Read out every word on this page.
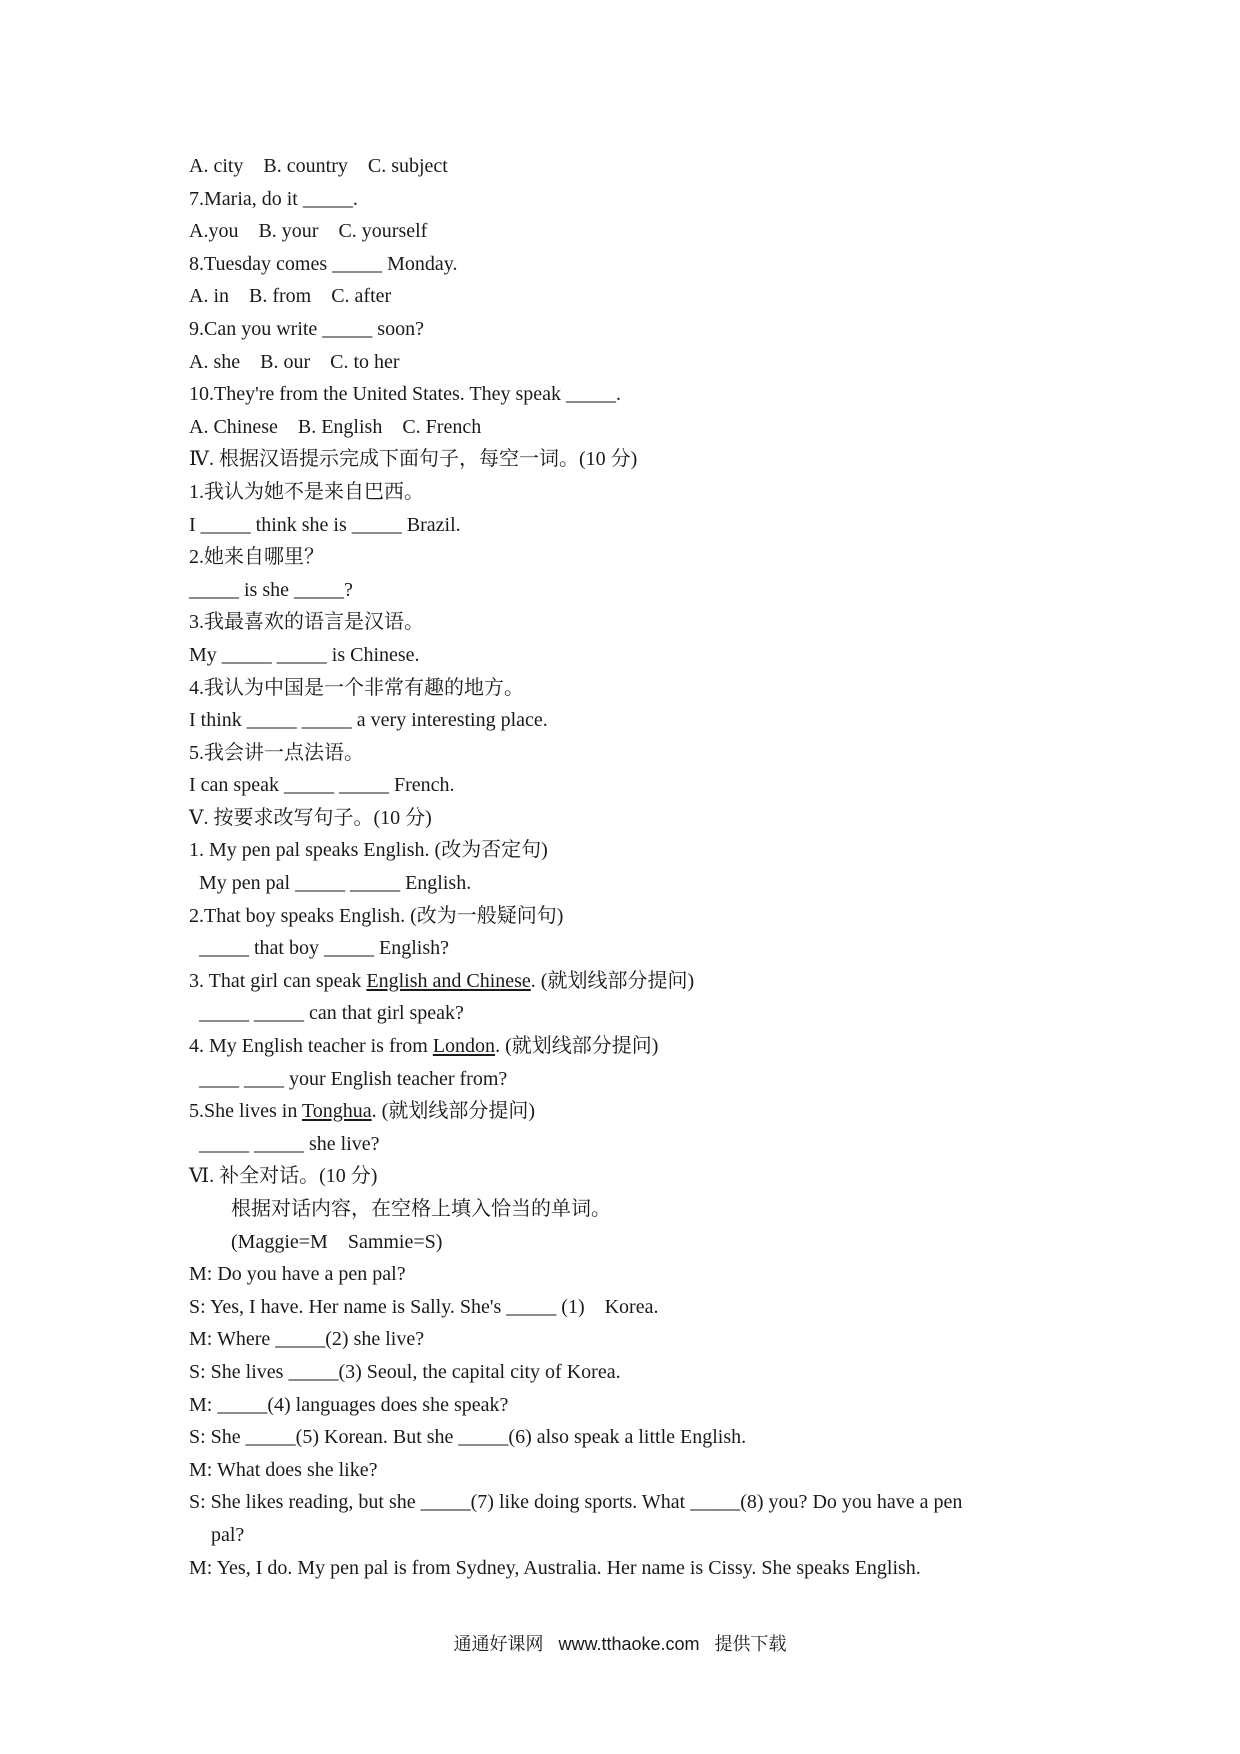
A. city    B. country    C. subject
7.Maria, do it _____.
A.you    B. your    C. yourself
8.Tuesday comes _____ Monday.
A. in    B. from    C. after
9.Can you write _____ soon?
A. she    B. our    C. to her
10.They're from the United States. They speak _____.
A. Chinese    B. English    C. French
Ⅳ. 根据汉语提示完成下面句子，每空一词。(10 分)
1.我认为她不是来自巴西。
I _____ think she is _____ Brazil.
2.她来自哪里？
_____ is she _____?
3.我最喜欢的语言是汉语。
My _____ _____ is Chinese.
4.我认为中国是一个非常有趣的地方。
I think _____ _____ a very interesting place.
5.我会讲一点法语。
I can speak _____ _____ French.
Ⅴ. 按要求改写句子。(10 分)
1. My pen pal speaks English. (改为否定句)
My pen pal _____ _____ English.
2.That boy speaks English. (改为一般疑问句)
_____ that boy _____ English?
3. That girl can speak English and Chinese. (就划线部分提问)
_____ _____ can that girl speak?
4. My English teacher is from London. (就划线部分提问)
____ ____ your English teacher from?
5.She lives in Tonghua. (就划线部分提问)
_____ _____ she live?
Ⅵ. 补全对话。(10 分)
根据对话内容，在空格上填入恰当的单词。
(Maggie=M    Sammie=S)
M: Do you have a pen pal?
S: Yes, I have. Her name is Sally. She's _____ (1)    Korea.
M: Where _____(2) she live?
S: She lives _____(3) Seoul, the capital city of Korea.
M: _____(4) languages does she speak?
S: She _____(5) Korean. But she _____(6) also speak a little English.
M: What does she like?
S: She likes reading, but she _____(7) like doing sports. What _____(8) you? Do you have a pen
pal?
M: Yes, I do. My pen pal is from Sydney, Australia. Her name is Cissy. She speaks English.
通通好课网   www.tthaoke.com   提供下载
